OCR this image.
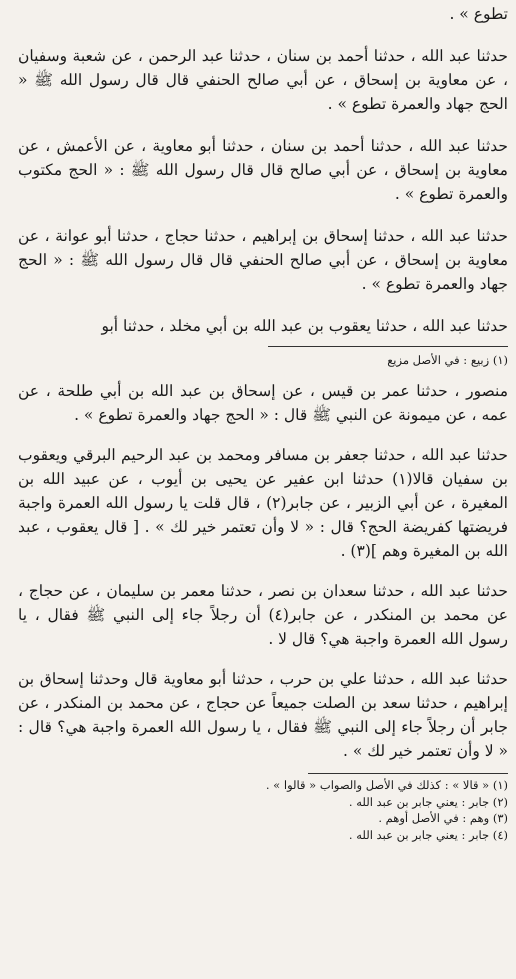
تطوع » .

حدثنا عبد الله ، حدثنا أحمد بن سنان ، حدثنا عبد الرحمن ، عن شعبة وسفيان ، عن معاوية بن إسحاق ، عن أبي صالح الحنفي قال قال رسول الله ﷺ « الحج جهاد والعمرة تطوع » .

حدثنا عبد الله ، حدثنا أحمد بن سنان ، حدثنا أبو معاوية ، عن الأعمش ، عن معاوية بن إسحاق ، عن أبي صالح قال قال رسول الله ﷺ : « الحج مكتوب والعمرة تطوع » .

حدثنا عبد الله ، حدثنا إسحاق بن إبراهيم ، حدثنا حجاج ، حدثنا أبو عوانة ، عن معاوية بن إسحاق ، عن أبي صالح الحنفي قال قال رسول الله ﷺ : « الحج جهاد والعمرة تطوع » .

حدثنا عبد الله ، حدثنا يعقوب بن عبد الله بن أبي مخلد ، حدثنا أبو

(١) زبيع : في الأصل مزيع

منصور ، حدثنا عمر بن قيس ، عن إسحاق بن عبد الله بن أبي طلحة ، عن عمه ، عن ميمونة عن النبي ﷺ قال : « الحج جهاد والعمرة تطوع » .

حدثنا عبد الله ، حدثنا جعفر بن مسافر ومحمد بن عبد الرحيم البرقي ويعقوب بن سفيان قالا(١) حدثنا ابن عفير عن يحيى بن أيوب ، عن عبيد الله بن المغيرة ، عن أبي الزبير ، عن جابر(٢) ، قال قلت يا رسول الله العمرة واجبة فريضتها كفريضة الحج؟ قال : « لا وأن تعتمر خير لك » . [ قال يعقوب ، عبد الله بن المغيرة وهم ](٣) .

حدثنا عبد الله ، حدثنا سعدان بن نصر ، حدثنا معمر بن سليمان ، عن حجاج ، عن محمد بن المنكدر ، عن جابر(٤) أن رجلاً جاء إلى النبي ﷺ فقال ، يا رسول الله العمرة واجبة هي؟ قال لا .

حدثنا عبد الله ، حدثنا علي بن حرب ، حدثنا أبو معاوية قال وحدثنا إسحاق بن إبراهيم ، حدثنا سعد بن الصلت جميعاً عن حجاج ، عن محمد بن المنكدر ، عن جابر أن رجلاً جاء إلى النبي ﷺ فقال ، يا رسول الله العمرة واجبة هي؟ قال : « لا وأن تعتمر خير لك » .

(١) « قالا » : كذلك في الأصل والصواب « قالوا » .

(٢) جابر : يعني جابر بن عبد الله .

(٣) وهم : في الأصل أوهم .

(٤) جابر : يعني جابر بن عبد الله .
